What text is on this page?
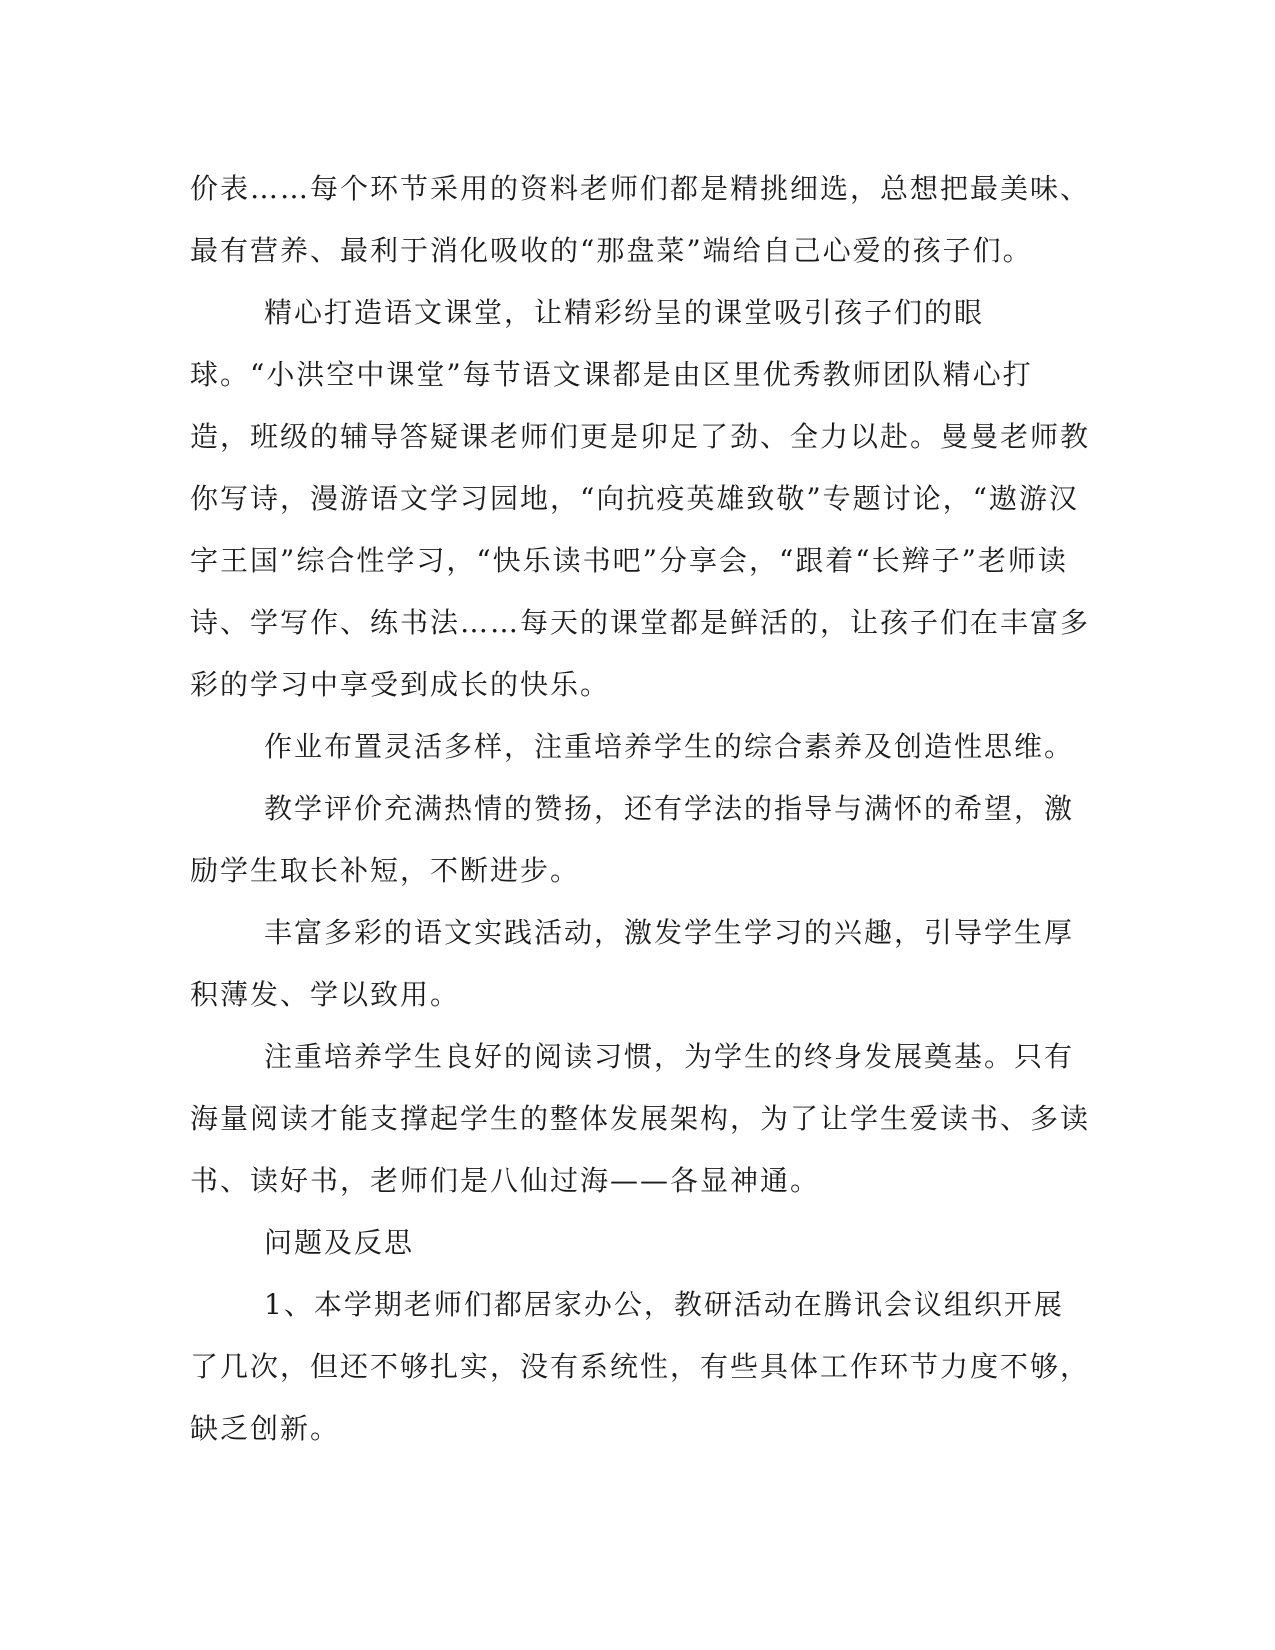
价表……每个环节采用的资料老师们都是精挑细选，总想把最美味、最有营养、最利于消化吸收的“那盘菜”端给自己心爱的孩子们。

精心打造语文课堂，让精彩纷呈的课堂吸引孩子们的眼球。“小洪空中课堂”每节语文课都是由区里优秀教师团队精心打造，班级的辅导答疑课老师们更是卯足了劲、全力以赴。曼曼老师教你写诗，漫游语文学习园地，“向抗疫英雄致敬”专题讨论，“遨游汉字王国”综合性学习，“快乐读书吧”分享会，“跟着“长辫子”老师读诗、学写作、练书法……每天的课堂都是鲜活的，让孩子们在丰富多彩的学习中享受到成长的快乐。

作业布置灵活多样，注重培养学生的综合素养及创造性思维。

教学评价充满热情的赞扬，还有学法的指导与满怀的希望，激励学生取长补短，不断进步。

丰富多彩的语文实践活动，激发学生学习的兴趣，引导学生厚积薄发、学以致用。

注重培养学生良好的阅读习惯，为学生的终身发展奠基。只有海量阅读才能支撑起学生的整体发展架构，为了让学生爱读书、多读书、读好书，老师们是八仙过海——各显神通。

问题及反思

1、本学期老师们都居家办公，教研活动在腾讯会议组织开展了几次，但还不够扎实，没有系统性，有些具体工作环节力度不够，缺乏创新。
